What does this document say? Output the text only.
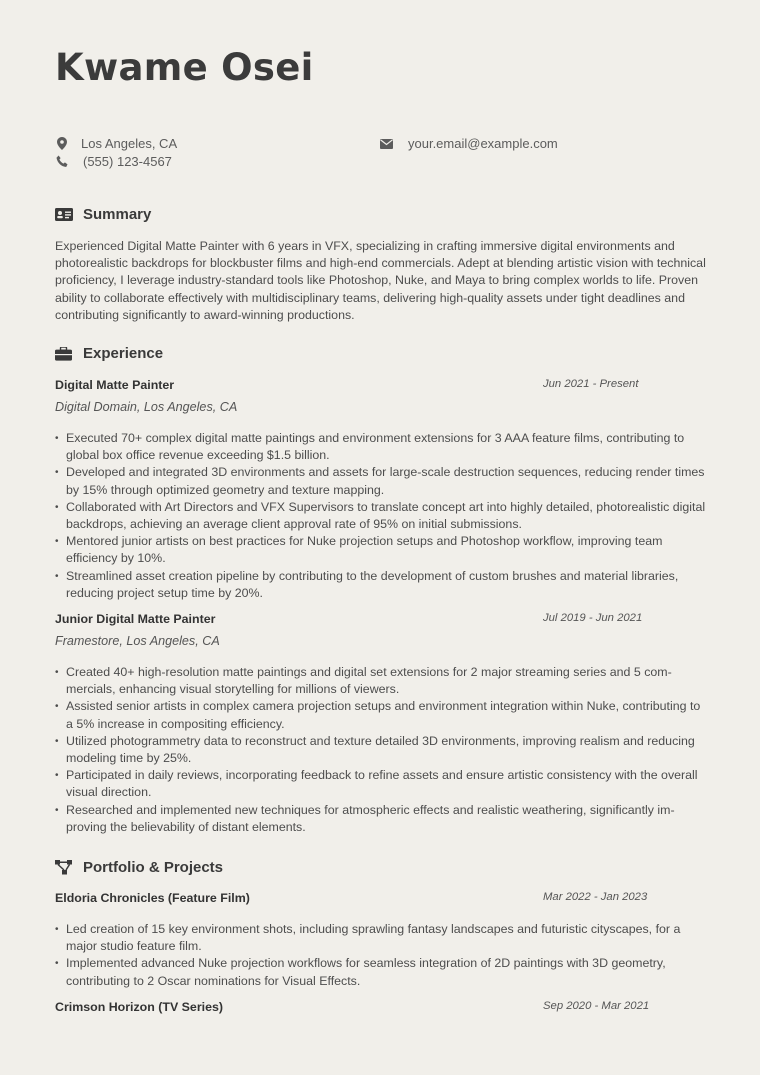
Kwame Osei
Los Angeles, CA
(555) 123-4567
your.email@example.com
Summary
Experienced Digital Matte Painter with 6 years in VFX, specializing in crafting immersive digital environments and photorealistic backdrops for blockbuster films and high-end commercials. Adept at blending artistic vision with technical proficiency, I leverage industry-standard tools like Photoshop, Nuke, and Maya to bring complex worlds to life. Proven ability to collaborate effectively with multidisciplinary teams, delivering high-quality assets under tight deadlines and contributing significantly to award-winning productions.
Experience
Digital Matte Painter	Jun 2021 - Present
Digital Domain, Los Angeles, CA
• Executed 70+ complex digital matte paintings and environment extensions for 3 AAA feature films, contributing to global box office revenue exceeding $1.5 billion.
• Developed and integrated 3D environments and assets for large-scale destruction sequences, reducing render times by 15% through optimized geometry and texture mapping.
• Collaborated with Art Directors and VFX Supervisors to translate concept art into highly detailed, photorealistic digital backdrops, achieving an average client approval rate of 95% on initial submissions.
• Mentored junior artists on best practices for Nuke projection setups and Photoshop workflow, improving team efficiency by 10%.
• Streamlined asset creation pipeline by contributing to the development of custom brushes and material libraries, reducing project setup time by 20%.
Junior Digital Matte Painter	Jul 2019 - Jun 2021
Framestore, Los Angeles, CA
• Created 40+ high-resolution matte paintings and digital set extensions for 2 major streaming series and 5 commercials, enhancing visual storytelling for millions of viewers.
• Assisted senior artists in complex camera projection setups and environment integration within Nuke, contributing to a 5% increase in compositing efficiency.
• Utilized photogrammetry data to reconstruct and texture detailed 3D environments, improving realism and reducing modeling time by 25%.
• Participated in daily reviews, incorporating feedback to refine assets and ensure artistic consistency with the overall visual direction.
• Researched and implemented new techniques for atmospheric effects and realistic weathering, significantly improving the believability of distant elements.
Portfolio & Projects
Eldoria Chronicles (Feature Film)	Mar 2022 - Jan 2023
• Led creation of 15 key environment shots, including sprawling fantasy landscapes and futuristic cityscapes, for a major studio feature film.
• Implemented advanced Nuke projection workflows for seamless integration of 2D paintings with 3D geometry, contributing to 2 Oscar nominations for Visual Effects.
Crimson Horizon (TV Series)	Sep 2020 - Mar 2021
